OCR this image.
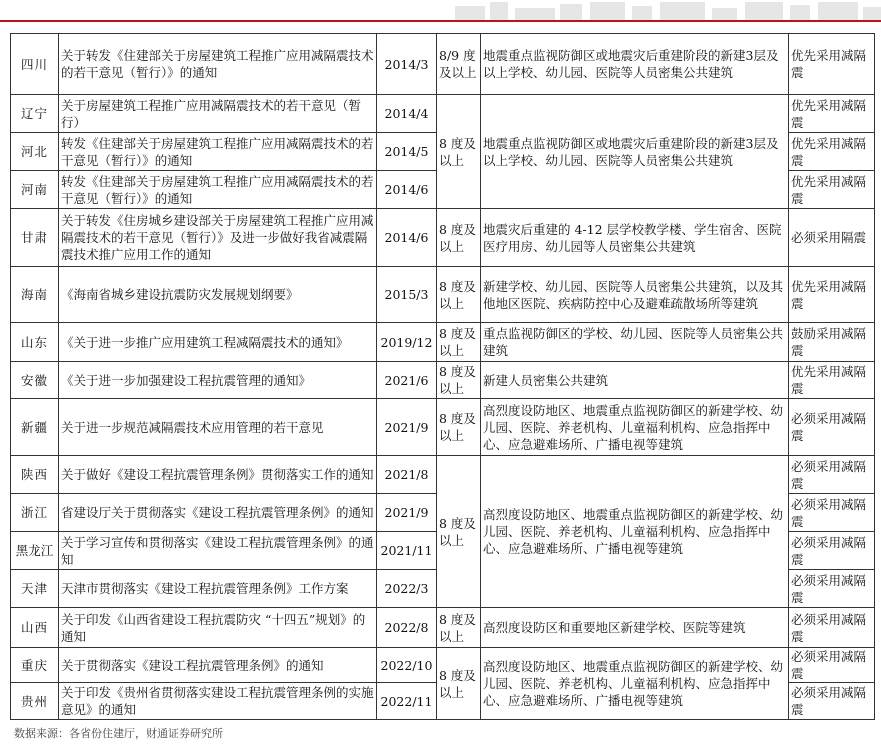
四川	关于转发《住建部关于房屋建筑工程推广应用减隔震技术的若干意见（暂行）》的通知	2014/3	8/9 度及以上	地震重点监视防御区或地震灾后重建阶段的新建3层及以上学校、幼儿园、医院等人员密集公共建筑	优先采用减隔震
辽宁	关于房屋建筑工程推广应用减隔震技术的若干意见（暂行）	2014/4	8 度及以上	地震重点监视防御区或地震灾后重建阶段的新建3层及以上学校、幼儿园、医院等人员密集公共建筑	优先采用减隔震
河北	转发《住建部关于房屋建筑工程推广应用减隔震技术的若干意见（暂行）》的通知	2014/5			优先采用减隔震
河南	转发《住建部关于房屋建筑工程推广应用减隔震技术的若干意见（暂行）》的通知	2014/6			优先采用减隔震
甘肃	关于转发《住房城乡建设部关于房屋建筑工程推广应用减隔震技术的若干意见（暂行）》及进一步做好我省减震隔震技术推广应用工作的通知	2014/6	8 度及以上	地震灾后重建的 4-12 层学校教学楼、学生宿舍、医院医疗用房、幼儿园等人员密集公共建筑	必须采用隔震
海南	《海南省城乡建设抗震防灾发展规划纲要》	2015/3	8 度及以上	新建学校、幼儿园、医院等人员密集公共建筑，以及其他地区医院、疾病防控中心及避难疏散场所等建筑	优先采用减隔震
山东	《关于进一步推广应用建筑工程减隔震技术的通知》	2019/12	8 度及以上	重点监视防御区的学校、幼儿园、医院等人员密集公共建筑	鼓励采用减隔震
安徽	《关于进一步加强建设工程抗震管理的通知》	2021/6	8 度及以上	新建人员密集公共建筑	优先采用减隔震
新疆	关于进一步规范减隔震技术应用管理的若干意见	2021/9	8 度及以上	高烈度设防地区、地震重点监视防御区的新建学校、幼儿园、医院、养老机构、儿童福利机构、应急指挥中心、应急避难场所、广播电视等建筑	必须采用减隔震
陕西	关于做好《建设工程抗震管理条例》贯彻落实工作的通知	2021/8	8 度及以上	高烈度设防地区、地震重点监视防御区的新建学校、幼儿园、医院、养老机构、儿童福利机构、应急指挥中心、应急避难场所、广播电视等建筑	必须采用减隔震
浙江	省建设厅关于贯彻落实《建设工程抗震管理条例》的通知	2021/9			必须采用减隔震
黑龙江	关于学习宣传和贯彻落实《建设工程抗震管理条例》的通知	2021/11			必须采用减隔震
天津	天津市贯彻落实《建设工程抗震管理条例》工作方案	2022/3			必须采用减隔震
山西	关于印发《山西省建设工程抗震防灾 “十四五”规划》的通知	2022/8	8 度及以上	高烈度设防区和重要地区新建学校、医院等建筑	必须采用减隔震
重庆	关于贯彻落实《建设工程抗震管理条例》的通知	2022/10	8 度及以上	高烈度设防地区、地震重点监视防御区的新建学校、幼儿园、医院、养老机构、儿童福利机构、应急指挥中心、应急避难场所、广播电视等建筑	必须采用减隔震
贵州	关于印发《贵州省贯彻落实建设工程抗震管理条例的实施意见》的通知	2022/11			必须采用减隔震
数据来源：各省份住建厅，财通证券研究所
